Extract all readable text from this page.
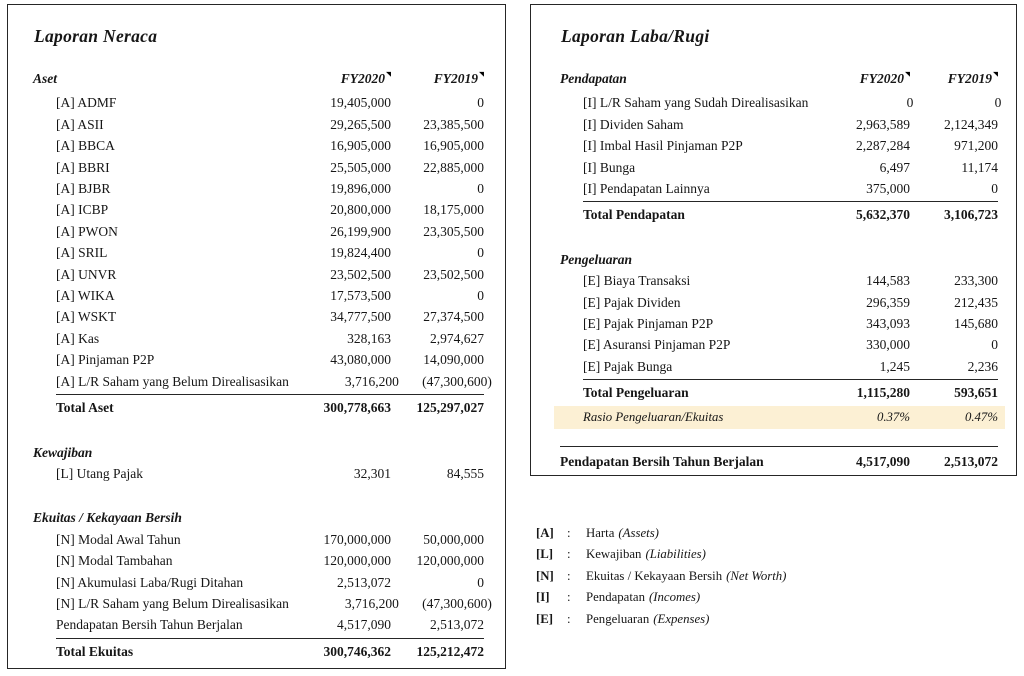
Laporan Neraca
Aset	FY2020◥	FY2019◥
[A] ADMF	19,405,000	0
[A] ASII	29,265,500	23,385,500
[A] BBCA	16,905,000	16,905,000
[A] BBRI	25,505,000	22,885,000
[A] BJBR	19,896,000	0
[A] ICBP	20,800,000	18,175,000
[A] PWON	26,199,900	23,305,500
[A] SRIL	19,824,400	0
[A] UNVR	23,502,500	23,502,500
[A] WIKA	17,573,500	0
[A] WSKT	34,777,500	27,374,500
[A] Kas	328,163	2,974,627
[A] Pinjaman P2P	43,080,000	14,090,000
[A] L/R Saham yang Belum Direalisasikan	3,716,200	(47,300,600)
Total Aset	300,778,663	125,297,027
Kewajiban
[L] Utang Pajak	32,301	84,555
Ekuitas / Kekayaan Bersih
[N] Modal Awal Tahun	170,000,000	50,000,000
[N] Modal Tambahan	120,000,000	120,000,000
[N] Akumulasi Laba/Rugi Ditahan	2,513,072	0
[N] L/R Saham yang Belum Direalisasikan	3,716,200	(47,300,600)
Pendapatan Bersih Tahun Berjalan	4,517,090	2,513,072
Total Ekuitas	300,746,362	125,212,472
Laporan Laba/Rugi
Pendapatan	FY2020◥	FY2019◥
[I] L/R Saham yang Sudah Direalisasikan	0	0
[I] Dividen Saham	2,963,589	2,124,349
[I] Imbal Hasil Pinjaman P2P	2,287,284	971,200
[I] Bunga	6,497	11,174
[I] Pendapatan Lainnya	375,000	0
Total Pendapatan	5,632,370	3,106,723
Pengeluaran
[E] Biaya Transaksi	144,583	233,300
[E] Pajak Dividen	296,359	212,435
[E] Pajak Pinjaman P2P	343,093	145,680
[E] Asuransi Pinjaman P2P	330,000	0
[E] Pajak Bunga	1,245	2,236
Total Pengeluaran	1,115,280	593,651
Rasio Pengeluaran/Ekuitas	0.37%	0.47%
Pendapatan Bersih Tahun Berjalan	4,517,090	2,513,072
[A]	:	Harta (Assets)
[L]	:	Kewajiban (Liabilities)
[N]	:	Ekuitas / Kekayaan Bersih (Net Worth)
[I]	:	Pendapatan (Incomes)
[E]	:	Pengeluaran (Expenses)
